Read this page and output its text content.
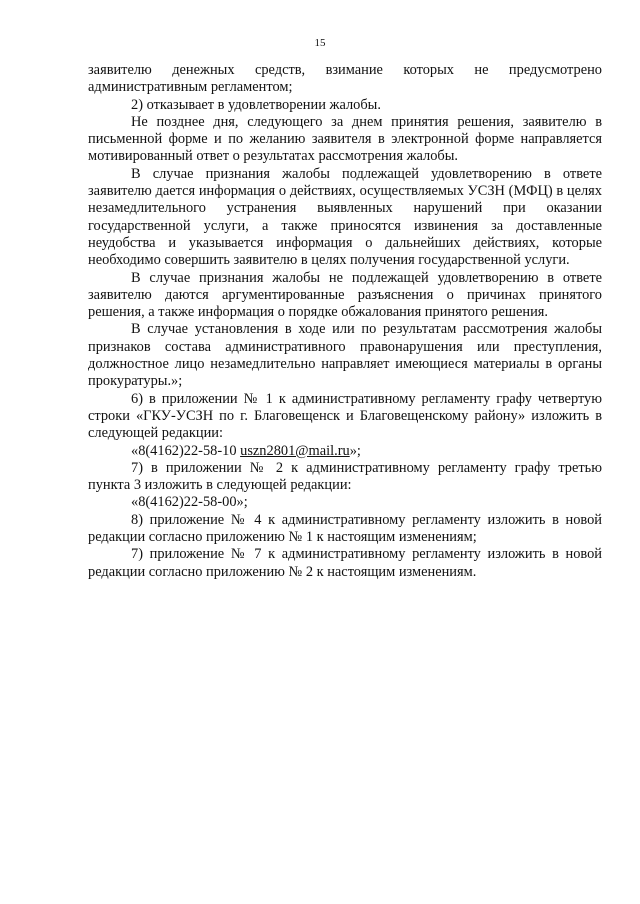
15

заявителю денежных средств, взимание которых не предусмотрено административным регламентом;

2) отказывает в удовлетворении жалобы.

Не позднее дня, следующего за днем принятия решения, заявителю в письменной форме и по желанию заявителя в электронной форме направляется мотивированный ответ о результатах рассмотрения жалобы.

В случае признания жалобы подлежащей удовлетворению в ответе заявителю дается информация о действиях, осуществляемых УСЗН (МФЦ) в целях незамедлительного устранения выявленных нарушений при оказании государственной услуги, а также приносятся извинения за доставленные неудобства и указывается информация о дальнейших действиях, которые необходимо совершить заявителю в целях получения государственной услуги.

В случае признания жалобы не подлежащей удовлетворению в ответе заявителю даются аргументированные разъяснения о причинах принятого решения, а также информация о порядке обжалования принятого решения.

В случае установления в ходе или по результатам рассмотрения жалобы признаков состава административного правонарушения или преступления, должностное лицо незамедлительно направляет имеющиеся материалы в органы прокуратуры.»;

6) в приложении № 1 к административному регламенту графу четвертую строки «ГКУ-УСЗН по г. Благовещенск и Благовещенскому району» изложить в следующей редакции:

«8(4162)22-58-10 uszn2801@mail.ru»;

7) в приложении № 2 к административному регламенту графу третью пункта 3 изложить в следующей редакции:

«8(4162)22-58-00»;

8) приложение № 4 к административному регламенту изложить в новой редакции согласно приложению № 1 к настоящим изменениям;

7) приложение № 7 к административному регламенту изложить в новой редакции согласно приложению № 2 к настоящим изменениям.
